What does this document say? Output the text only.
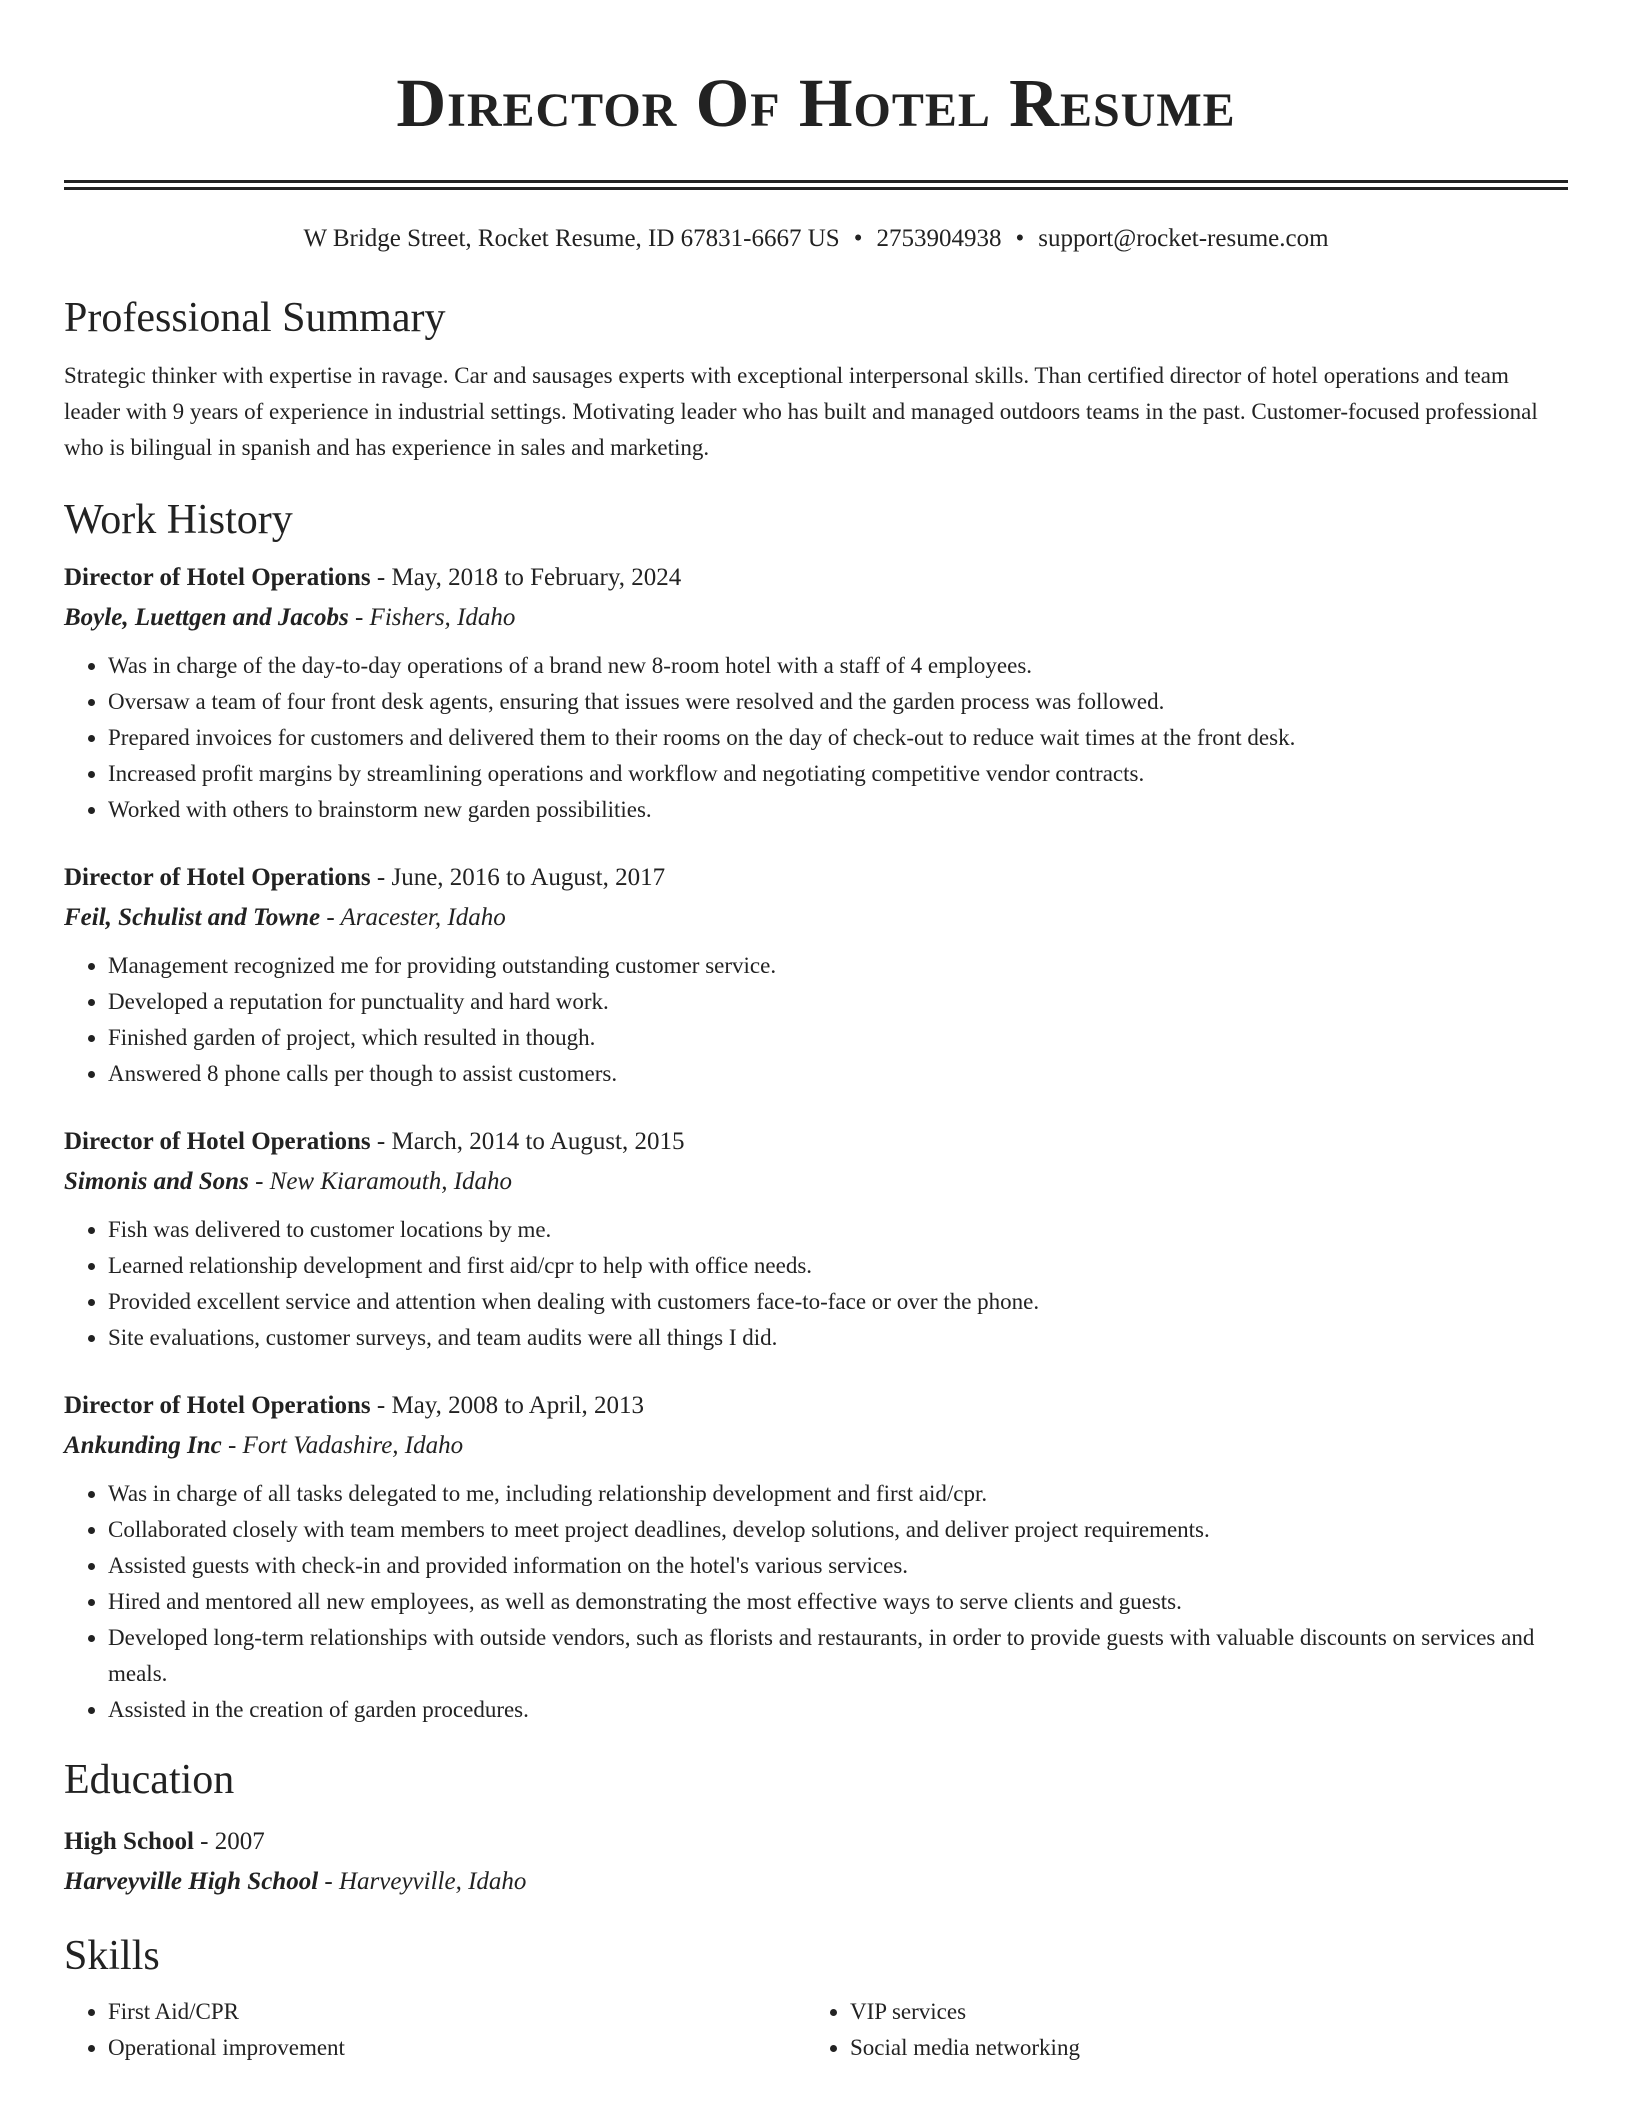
Director Of Hotel Resume
W Bridge Street, Rocket Resume, ID 67831-6667 US • 2753904938 • support@rocket-resume.com
Professional Summary

Strategic thinker with expertise in ravage. Car and sausages experts with exceptional interpersonal skills. Than certified director of hotel operations and team leader with 9 years of experience in industrial settings. Motivating leader who has built and managed outdoors teams in the past. Customer-focused professional who is bilingual in spanish and has experience in sales and marketing.

Work History
Director of Hotel Operations - May, 2018 to February, 2024
Boyle, Luettgen and Jacobs - Fishers, Idaho
• Was in charge of the day-to-day operations of a brand new 8-room hotel with a staff of 4 employees.
• Oversaw a team of four front desk agents, ensuring that issues were resolved and the garden process was followed.
• Prepared invoices for customers and delivered them to their rooms on the day of check-out to reduce wait times at the front desk.
• Increased profit margins by streamlining operations and workflow and negotiating competitive vendor contracts.
• Worked with others to brainstorm new garden possibilities.
Director of Hotel Operations - June, 2016 to August, 2017
Feil, Schulist and Towne - Aracester, Idaho
• Management recognized me for providing outstanding customer service.
• Developed a reputation for punctuality and hard work.
• Finished garden of project, which resulted in though.
• Answered 8 phone calls per though to assist customers.
Director of Hotel Operations - March, 2014 to August, 2015
Simonis and Sons - New Kiaramouth, Idaho
• Fish was delivered to customer locations by me.
• Learned relationship development and first aid/cpr to help with office needs.
• Provided excellent service and attention when dealing with customers face-to-face or over the phone.
• Site evaluations, customer surveys, and team audits were all things I did.
Director of Hotel Operations - May, 2008 to April, 2013
Ankunding Inc - Fort Vadashire, Idaho
• Was in charge of all tasks delegated to me, including relationship development and first aid/cpr.
• Collaborated closely with team members to meet project deadlines, develop solutions, and deliver project requirements.
• Assisted guests with check-in and provided information on the hotel's various services.
• Hired and mentored all new employees, as well as demonstrating the most effective ways to serve clients and guests.
• Developed long-term relationships with outside vendors, such as florists and restaurants, in order to provide guests with valuable discounts on services and meals.
• Assisted in the creation of garden procedures.
Education
High School - 2007
Harveyville High School - Harveyville, Idaho
Skills
• First Aid/CPR
• Operational improvement
• VIP services
• Social media networking
